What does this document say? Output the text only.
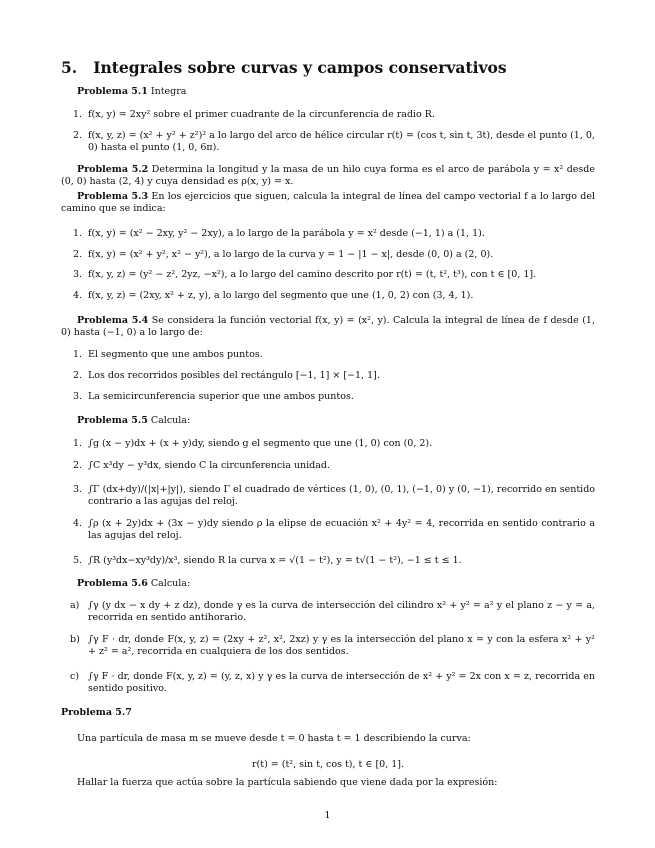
5. Integrales sobre curvas y campos conservativos

Problema 5.1 Integra

1. f(x, y) = 2xy² sobre el primer cuadrante de la circunferencia de radio R.
2. f(x, y, z) = (x² + y² + z²)² a lo largo del arco de hélice circular r(t) = (cos t, sin t, 3t), desde el punto (1, 0, 0) hasta el punto (1, 0, 6π).

Problema 5.2 Determina la longitud y la masa de un hilo cuya forma es el arco de parábola y = x² desde (0, 0) hasta (2, 4) y cuya densidad es ρ(x, y) = x.

Problema 5.3 En los ejercicios que siguen, calcula la integral de línea del campo vectorial f a lo largo del camino que se indica:

1. f(x, y) = (x² − 2xy, y² − 2xy), a lo largo de la parábola y = x² desde (−1, 1) a (1, 1).
2. f(x, y) = (x² + y², x² − y²), a lo largo de la curva y = 1 − |1 − x|, desde (0, 0) a (2, 0).
3. f(x, y, z) = (y² − z², 2yz, −x²), a lo largo del camino descrito por r(t) = (t, t², t³), con t ∈ [0, 1].
4. f(x, y, z) = (2xy, x² + z, y), a lo largo del segmento que une (1, 0, 2) con (3, 4, 1).

Problema 5.4 Se considera la función vectorial f(x, y) = (x², y). Calcula la integral de línea de f desde (1, 0) hasta (−1, 0) a lo largo de:

1. El segmento que une ambos puntos.
2. Los dos recorridos posibles del rectángulo [−1, 1] × [−1, 1].
3. La semicircunferencia superior que une ambos puntos.

Problema 5.5 Calcula:

1. ∫g (x − y)dx + (x + y)dy, siendo g el segmento que une (1, 0) con (0, 2).
2. ∫C x³dy − y³dx, siendo C la circunferencia unidad.
3. ∫Γ (dx+dy)/(|x|+|y|), siendo Γ el cuadrado de vértices (1, 0), (0, 1), (−1, 0) y (0, −1), recorrido en sentido contrario a las agujas del reloj.
4. ∫ρ (x + 2y)dx + (3x − y)dy siendo ρ la elipse de ecuación x² + 4y² = 4, recorrida en sentido contrario a las agujas del reloj.
5. ∫R (y³dx−xy³dy)/x³, siendo R la curva x = √(1 − t²), y = t√(1 − t²), −1 ≤ t ≤ 1.

Problema 5.6 Calcula:

a) ∫γ (y dx − x dy + z dz), donde γ es la curva de intersección del cilindro x² + y² = a² y el plano z − y = a, recorrida en sentido antihorario.
b) ∫γ F · dr, donde F(x, y, z) = (2xy + z², x², 2xz) y γ es la intersección del plano x = y con la esfera x² + y² + z² = a², recorrida en cualquiera de los dos sentidos.
c) ∫γ F · dr, donde F(x, y, z) = (y, z, x) y γ es la curva de intersección de x² + y² = 2x con x = z, recorrida en sentido positivo.

Problema 5.7

Una partícula de masa m se mueve desde t = 0 hasta t = 1 describiendo la curva:

r(t) = (t², sin t, cos t), t ∈ [0, 1].

Hallar la fuerza que actúa sobre la partícula sabiendo que viene dada por la expresión:

1
